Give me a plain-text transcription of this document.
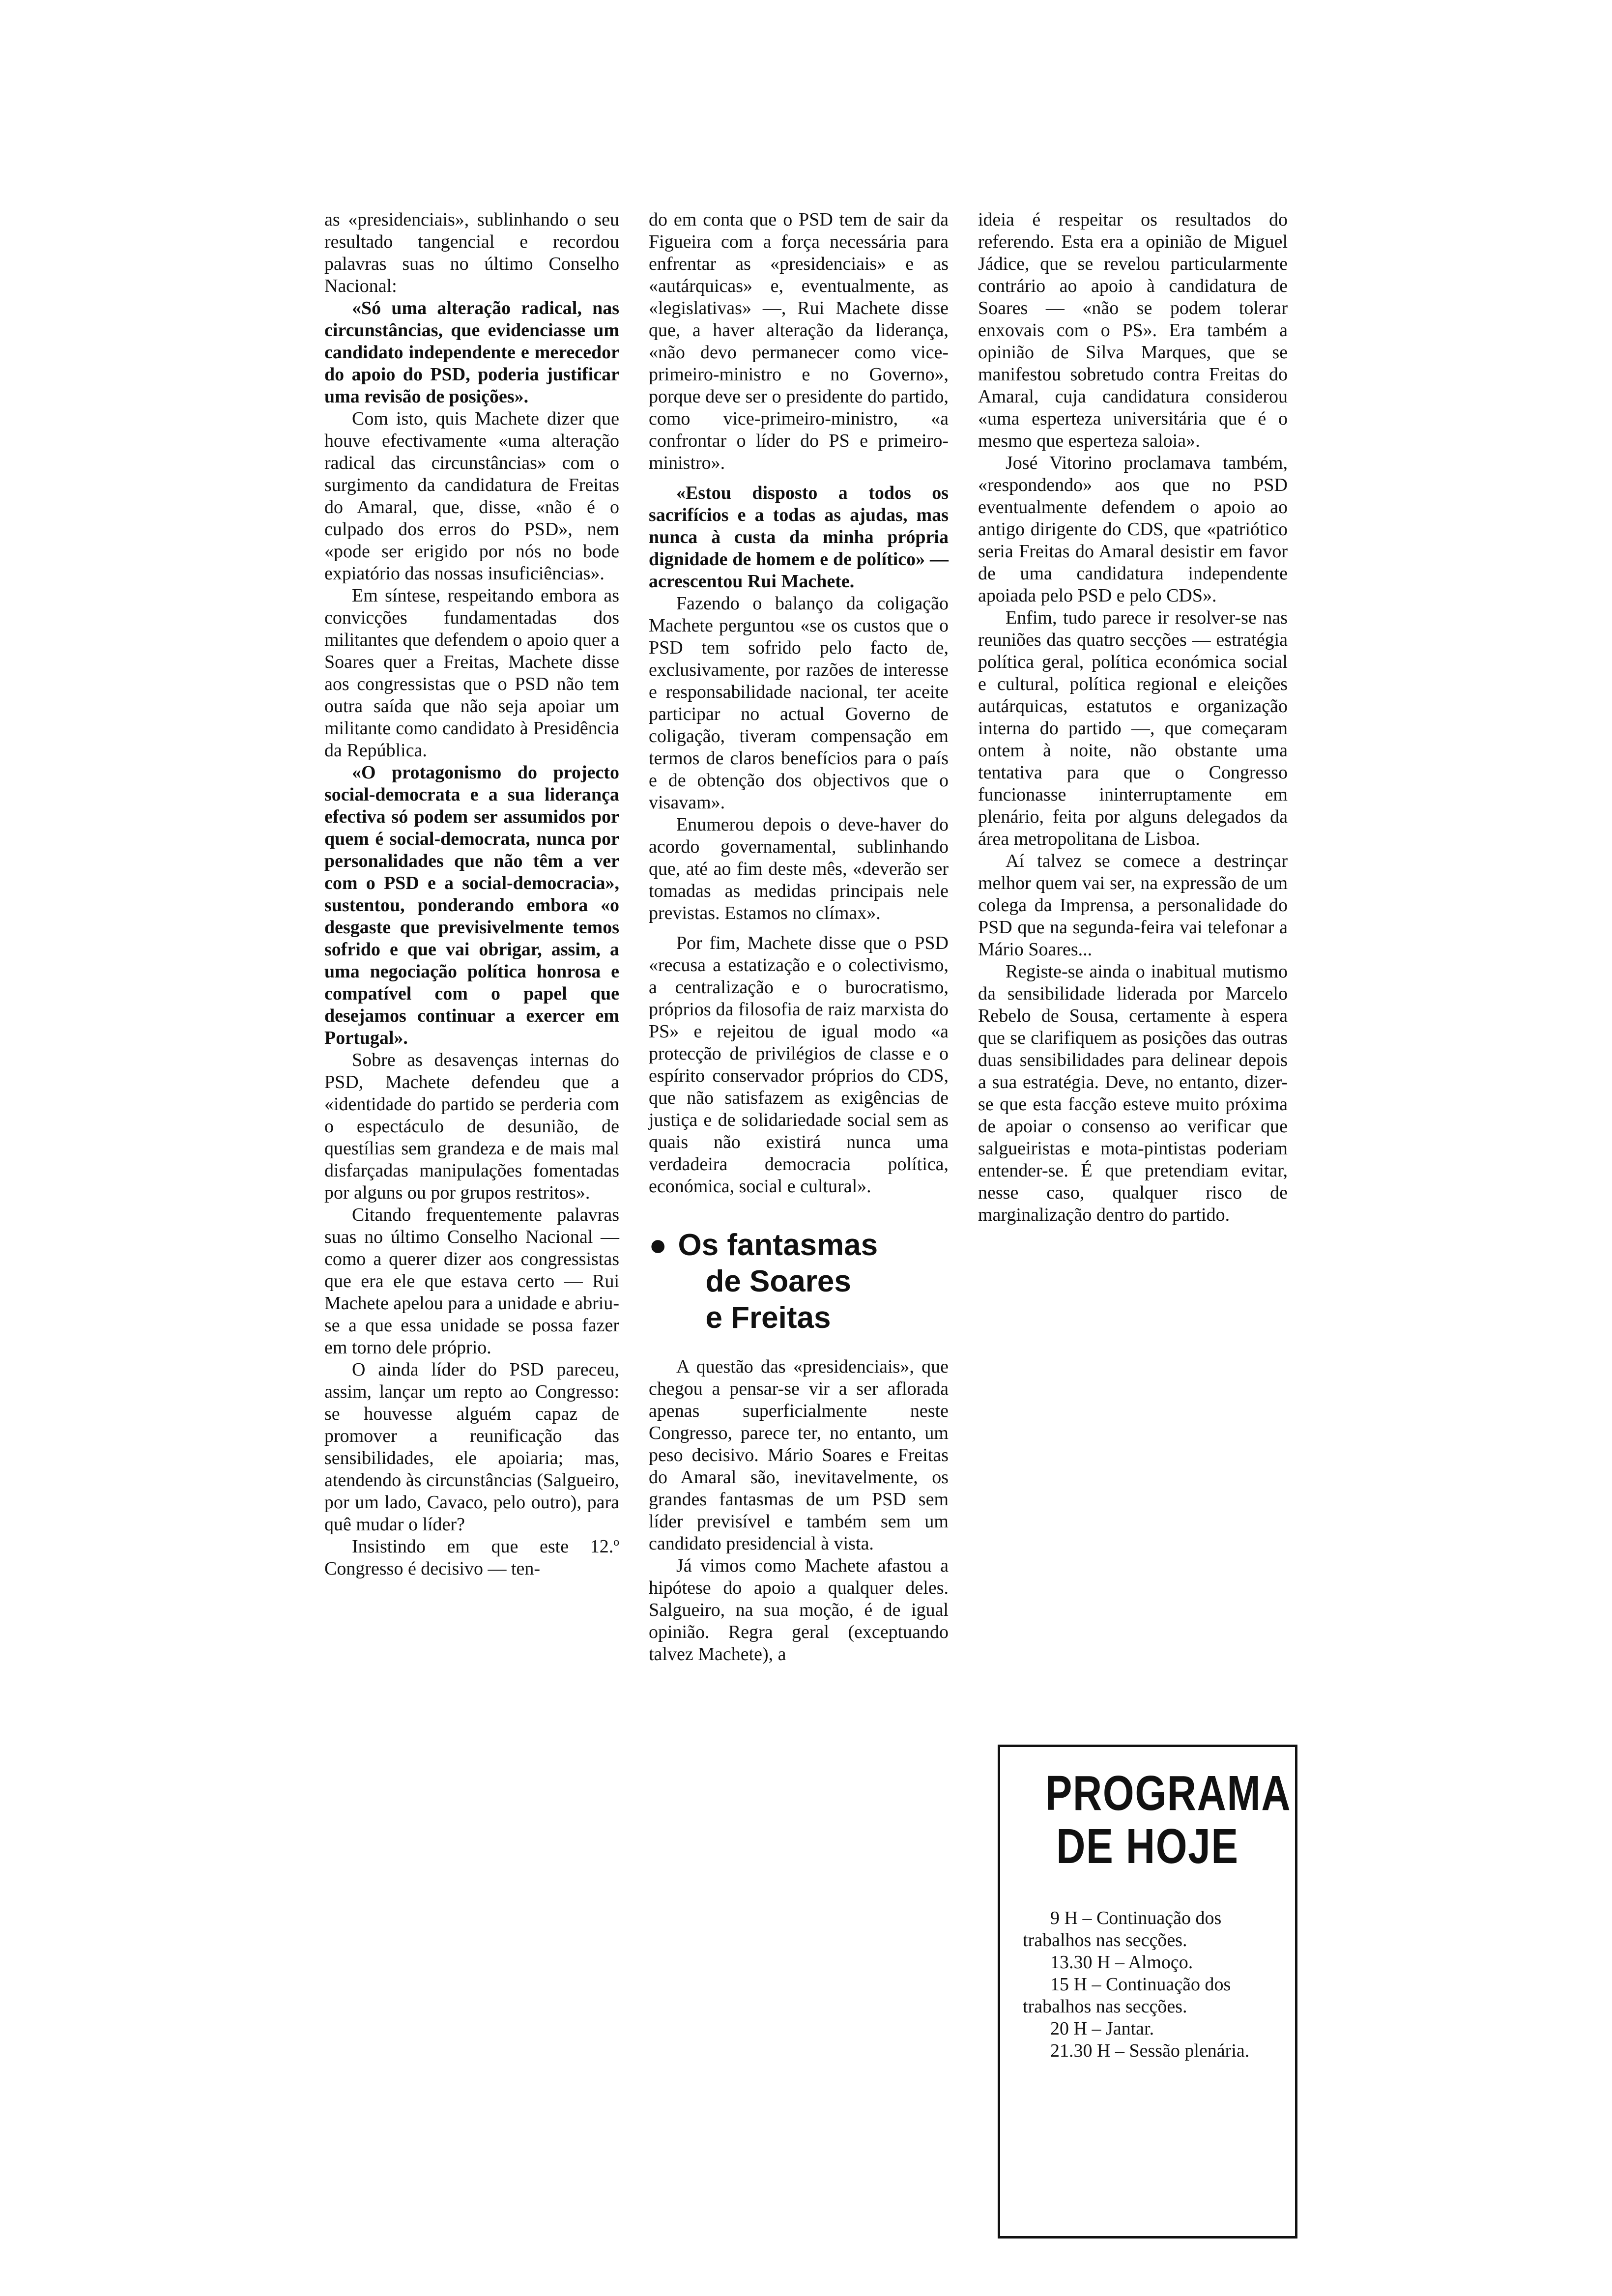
as «presidenciais», sublinhando o seu resultado tangencial e recordou palavras suas no último Conselho Nacional:

«Só uma alteração radical, nas circunstâncias, que evidenciasse um candidato independente e merecedor do apoio do PSD, poderia justificar uma revisão de posições».

Com isto, quis Machete dizer que houve efectivamente «uma alteração radical das circunstâncias» com o surgimento da candidatura de Freitas do Amaral, que, disse, «não é o culpado dos erros do PSD», nem «pode ser erigido por nós no bode expiatório das nossas insuficiências».

Em síntese, respeitando embora as convicções fundamentadas dos militantes que defendem o apoio quer a Soares quer a Freitas, Machete disse aos congressistas que o PSD não tem outra saída que não seja apoiar um militante como candidato à Presidência da República.

«O protagonismo do projecto social-democrata e a sua liderança efectiva só podem ser assumidos por quem é social-democrata, nunca por personalidades que não têm a ver com o PSD e a social-democracia», sustentou, ponderando embora «o desgaste que previsivelmente temos sofrido e que vai obrigar, assim, a uma negociação política honrosa e compatível com o papel que desejamos continuar a exercer em Portugal».

Sobre as desavenças internas do PSD, Machete defendeu que a «identidade do partido se perderia com o espectáculo de desunião, de questílias sem grandeza e de mais mal disfarçadas manipulações fomentadas por alguns ou por grupos restritos».

Citando frequentemente palavras suas no último Conselho Nacional — como a querer dizer aos congressistas que era ele que estava certo — Rui Machete apelou para a unidade e abriu-se a que essa unidade se possa fazer em torno dele próprio.

O ainda líder do PSD pareceu, assim, lançar um repto ao Congresso: se houvesse alguém capaz de promover a reunificação das sensibilidades, ele apoiaria; mas, atendendo às circunstâncias (Salgueiro, por um lado, Cavaco, pelo outro), para quê mudar o líder?

Insistindo em que este 12.º Congresso é decisivo — ten-

do em conta que o PSD tem de sair da Figueira com a força necessária para enfrentar as «presidenciais» e as «autárquicas» e, eventualmente, as «legislativas» —, Rui Machete disse que, a haver alteração da liderança, «não devo permanecer como vice-primeiro-ministro e no Governo», porque deve ser o presidente do partido, como vice-primeiro-ministro, «a confrontar o líder do PS e primeiro-ministro».

«Estou disposto a todos os sacrifícios e a todas as ajudas, mas nunca à custa da minha própria dignidade de homem e de político» — acrescentou Rui Machete.

Fazendo o balanço da coligação Machete perguntou «se os custos que o PSD tem sofrido pelo facto de, exclusivamente, por razões de interesse e responsabilidade nacional, ter aceite participar no actual Governo de coligação, tiveram compensação em termos de claros benefícios para o país e de obtenção dos objectivos que o visavam».

Enumerou depois o deve-haver do acordo governamental, sublinhando que, até ao fim deste mês, «deverão ser tomadas as medidas principais nele previstas. Estamos no clímax».

Por fim, Machete disse que o PSD «recusa a estatização e o colectivismo, a centralização e o burocratismo, próprios da filosofia de raiz marxista do PS» e rejeitou de igual modo «a protecção de privilégios de classe e o espírito conservador próprios do CDS, que não satisfazem as exigências de justiça e de solidariedade social sem as quais não existirá nunca uma verdadeira democracia política, económica, social e cultural».

● Os fantasmas
de Soares
e Freitas

A questão das «presidenciais», que chegou a pensar-se vir a ser aflorada apenas superficialmente neste Congresso, parece ter, no entanto, um peso decisivo. Mário Soares e Freitas do Amaral são, inevitavelmente, os grandes fantasmas de um PSD sem líder previsível e também sem um candidato presidencial à vista.

Já vimos como Machete afastou a hipótese do apoio a qualquer deles. Salgueiro, na sua moção, é de igual opinião. Regra geral (exceptuando talvez Machete), a

ideia é respeitar os resultados do referendo. Esta era a opinião de Miguel Jádice, que se revelou particularmente contrário ao apoio à candidatura de Soares — «não se podem tolerar enxovais com o PS». Era também a opinião de Silva Marques, que se manifestou sobretudo contra Freitas do Amaral, cuja candidatura considerou «uma esperteza universitária que é o mesmo que esperteza saloia».

José Vitorino proclamava também, «respondendo» aos que no PSD eventualmente defendem o apoio ao antigo dirigente do CDS, que «patriótico seria Freitas do Amaral desistir em favor de uma candidatura independente apoiada pelo PSD e pelo CDS».

Enfim, tudo parece ir resolver-se nas reuniões das quatro secções — estratégia política geral, política económica social e cultural, política regional e eleições autárquicas, estatutos e organização interna do partido —, que começaram ontem à noite, não obstante uma tentativa para que o Congresso funcionasse ininterruptamente em plenário, feita por alguns delegados da área metropolitana de Lisboa.

Aí talvez se comece a destrinçar melhor quem vai ser, na expressão de um colega da Imprensa, a personalidade do PSD que na segunda-feira vai telefonar a Mário Soares...

Registe-se ainda o inabitual mutismo da sensibilidade liderada por Marcelo Rebelo de Sousa, certamente à espera que se clarifiquem as posições das outras duas sensibilidades para delinear depois a sua estratégia. Deve, no entanto, dizer-se que esta facção esteve muito próxima de apoiar o consenso ao verificar que salgueiristas e mota-pintistas poderiam entender-se. É que pretendiam evitar, nesse caso, qualquer risco de marginalização dentro do partido.

PROGRAMA
DE HOJE

9 H – Continuação dos trabalhos nas secções.

13.30 H – Almoço.

15 H – Continuação dos trabalhos nas secções.

20 H – Jantar.

21.30 H – Sessão plenária.
